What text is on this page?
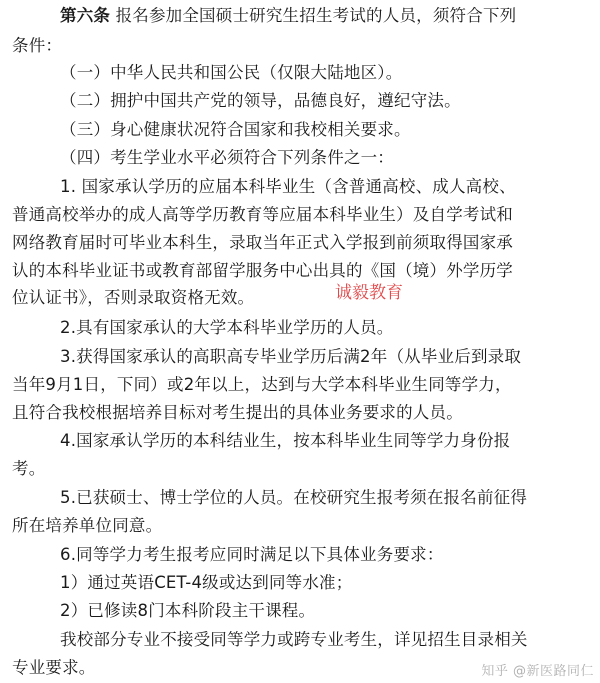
第六条 报名参加全国硕士研究生招生考试的人员，须符合下列
条件：
（一）中华人民共和国公民（仅限大陆地区）。
（二）拥护中国共产党的领导，品德良好，遵纪守法。
（三）身心健康状况符合国家和我校相关要求。
（四）考生学业水平必须符合下列条件之一：
1. 国家承认学历的应届本科毕业生（含普通高校、成人高校、
普通高校举办的成人高等学历教育等应届本科毕业生）及自学考试和
网络教育届时可毕业本科生，录取当年正式入学报到前须取得国家承
认的本科毕业证书或教育部留学服务中心出具的《国（境）外学历学
位认证书》，否则录取资格无效。
2.具有国家承认的大学本科毕业学历的人员。
3.获得国家承认的高职高专毕业学历后满2年（从毕业后到录取
当年9月1日，下同）或2年以上，达到与大学本科毕业生同等学力，
且符合我校根据培养目标对考生提出的具体业务要求的人员。
4.国家承认学历的本科结业生，按本科毕业生同等学力身份报
考。
5.已获硕士、博士学位的人员。在校研究生报考须在报名前征得
所在培养单位同意。
6.同等学力考生报考应同时满足以下具体业务要求：
1）通过英语CET-4级或达到同等水准；
2）已修读8门本科阶段主干课程。
我校部分专业不接受同等学力或跨专业考生，详见招生目录相关
专业要求。
诚毅教育
知乎 @新医路同仁
